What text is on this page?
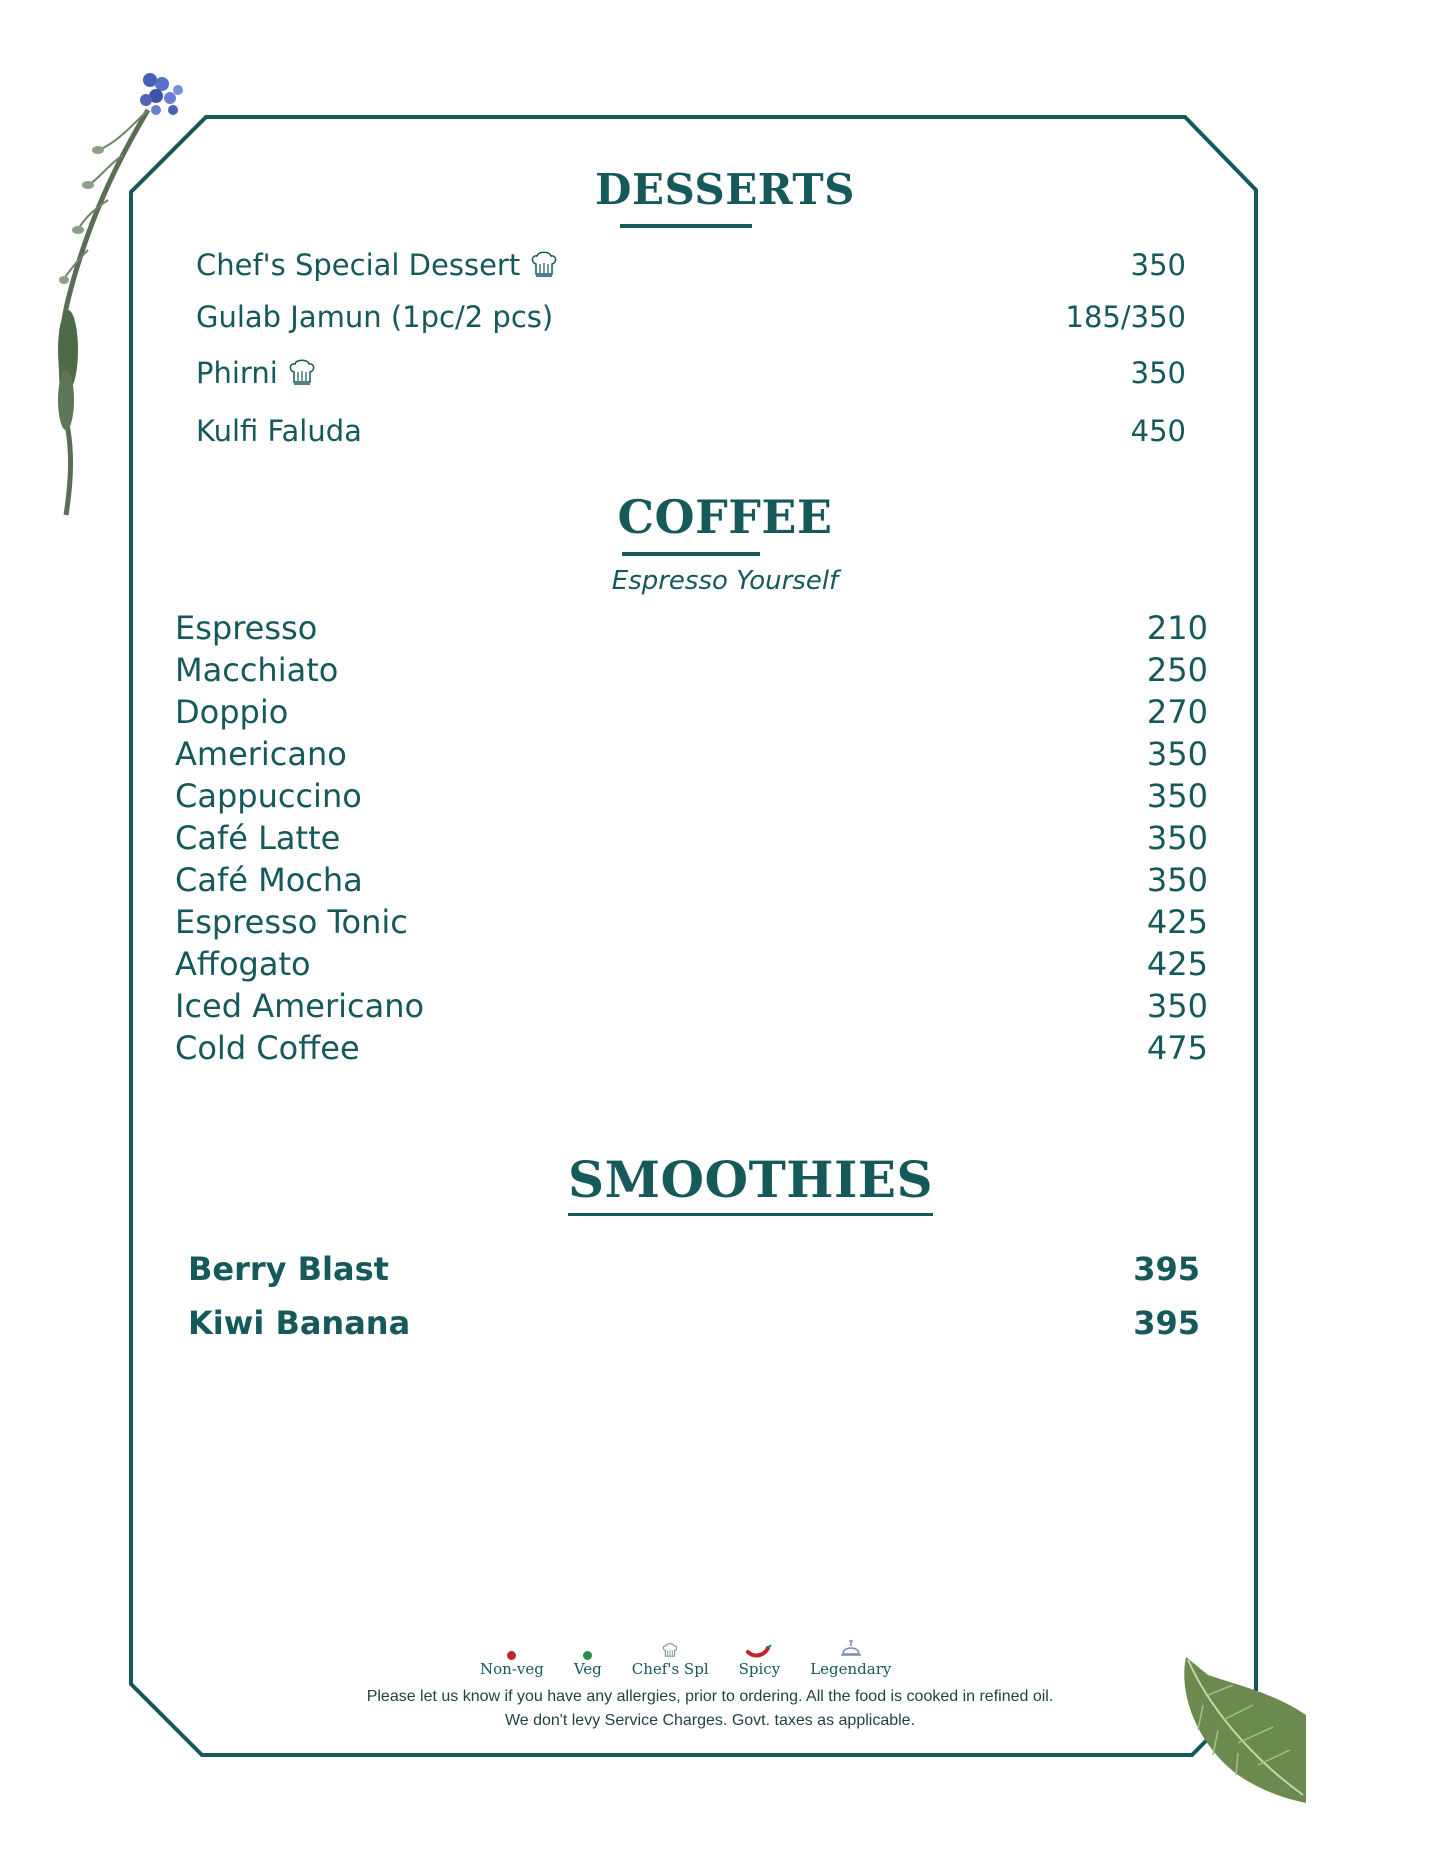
DESSERTS
Chef's Special Dessert	350
Gulab Jamun (1pc/2 pcs)	185/350
Phirni	350
Kulfi Faluda	450
COFFEE
Espresso Yourself
Espresso	210
Macchiato	250
Doppio	270
Americano	350
Cappuccino	350
Café Latte	350
Café Mocha	350
Espresso Tonic	425
Affogato	425
Iced Americano	350
Cold Coffee	475
SMOOTHIES
Berry Blast	395
Kiwi Banana	395
Non-veg Veg Chef's Spl Spicy Legendary
Please let us know if you have any allergies, prior to ordering. All the food is cooked in refined oil.
We don't levy Service Charges. Govt. taxes as applicable.
